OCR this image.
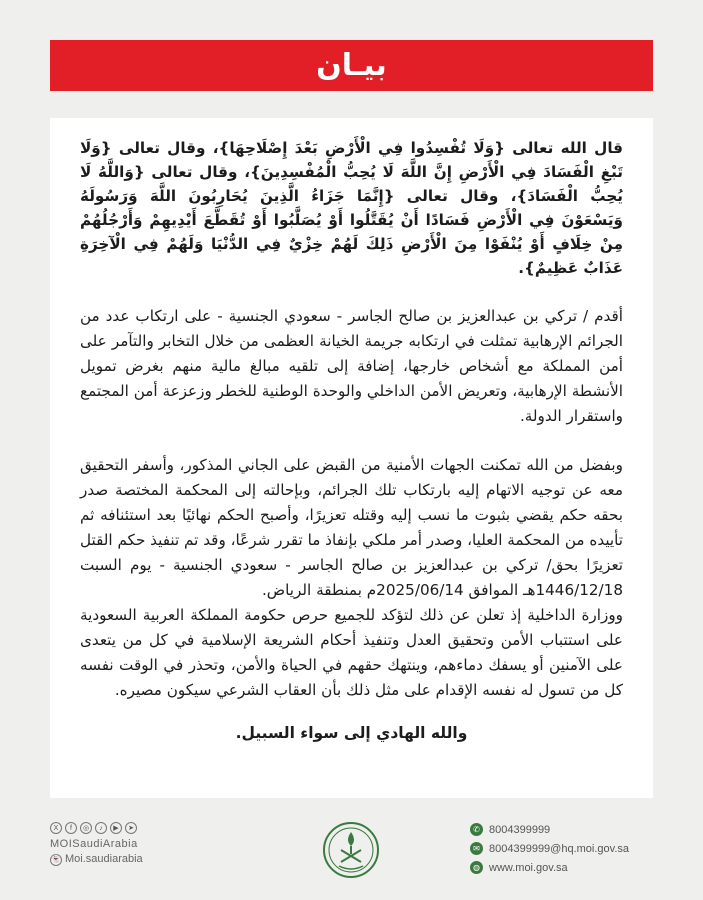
بيـان

قال الله تعالى {وَلَا تُفْسِدُوا فِي الْأَرْضِ بَعْدَ إِصْلَاحِهَا}، وقال تعالى {وَلَا تَبْغِ الْفَسَادَ فِي الْأَرْضِ إِنَّ اللَّهَ لَا يُحِبُّ الْمُفْسِدِينَ}، وقال تعالى {وَاللَّهُ لَا يُحِبُّ الْفَسَادَ}، وقال تعالى {إِنَّمَا جَزَاءُ الَّذِينَ يُحَارِبُونَ اللَّهَ وَرَسُولَهُ وَيَسْعَوْنَ فِي الْأَرْضِ فَسَادًا أَنْ يُقَتَّلُوا أَوْ يُصَلَّبُوا أَوْ تُقَطَّعَ أَيْدِيهِمْ وَأَرْجُلُهُمْ مِنْ خِلَافٍ أَوْ يُنْفَوْا مِنَ الْأَرْضِ ذَلِكَ لَهُمْ خِزْيٌ فِي الدُّنْيَا وَلَهُمْ فِي الْآخِرَةِ عَذَابٌ عَظِيمٌ}.

أقدم / تركي بن عبدالعزيز بن صالح الجاسر - سعودي الجنسية - على ارتكاب عدد من الجرائم الإرهابية تمثلت في ارتكابه جريمة الخيانة العظمى من خلال التخابر والتآمر على أمن المملكة مع أشخاص خارجها، إضافة إلى تلقيه مبالغ مالية منهم بغرض تمويل الأنشطة الإرهابية، وتعريض الأمن الداخلي والوحدة الوطنية للخطر وزعزعة أمن المجتمع واستقرار الدولة.

وبفضل من الله تمكنت الجهات الأمنية من القبض على الجاني المذكور، وأسفر التحقيق معه عن توجيه الاتهام إليه بارتكاب تلك الجرائم، وبإحالته إلى المحكمة المختصة صدر بحقه حكم يقضي بثبوت ما نسب إليه وقتله تعزيرًا، وأصبح الحكم نهائيًا بعد استئنافه ثم تأييده من المحكمة العليا، وصدر أمر ملكي بإنفاذ ما تقرر شرعًا، وقد تم تنفيذ حكم القتل تعزيرًا بحق/ تركي بن عبدالعزيز بن صالح الجاسر - سعودي الجنسية - يوم السبت 1446/12/18هـ الموافق 2025/06/14م بمنطقة الرياض.

ووزارة الداخلية إذ تعلن عن ذلك لتؤكد للجميع حرص حكومة المملكة العربية السعودية على استتباب الأمن وتحقيق العدل وتنفيذ أحكام الشريعة الإسلامية في كل من يتعدى على الآمنين أو يسفك دماءهم، وينتهك حقهم في الحياة والأمن، وتحذر في الوقت نفسه كل من تسول له نفسه الإقدام على مثل ذلك بأن العقاب الشرعي سيكون مصيره.

والله الهادي إلى سواء السبيل.

X	f	◎	♪	▶	➤
MOISaudiArabia
👻 Moi.saudiarabia
✆ 8004399999
✉ 8004399999@hq.moi.gov.sa
◍ www.moi.gov.sa
